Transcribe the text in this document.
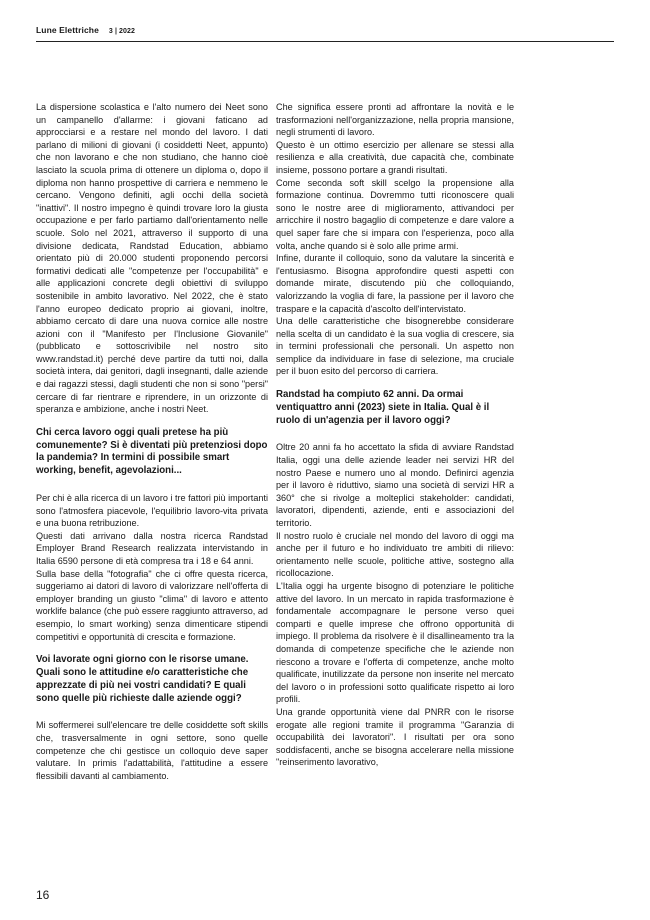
Lune Elettriche 3 | 2022

La dispersione scolastica e l'alto numero dei Neet sono un campanello d'allarme: i giovani faticano ad approcciarsi e a restare nel mondo del lavoro. I dati parlano di milioni di giovani (i cosiddetti Neet, appunto) che non lavorano e che non studiano, che hanno cioè lasciato la scuola prima di ottenere un diploma o, dopo il diploma non hanno prospettive di carriera e nemmeno le cercano. Vengono definiti, agli occhi della società "inattivi". Il nostro impegno è quindi trovare loro la giusta occupazione e per farlo partiamo dall'orientamento nelle scuole. Solo nel 2021, attraverso il supporto di una divisione dedicata, Randstad Education, abbiamo orientato più di 20.000 studenti proponendo percorsi formativi dedicati alle "competenze per l'occupabilità" e alle applicazioni concrete degli obiettivi di sviluppo sostenibile in ambito lavorativo. Nel 2022, che è stato l'anno europeo dedicato proprio ai giovani, inoltre, abbiamo cercato di dare una nuova cornice alle nostre azioni con il "Manifesto per l'Inclusione Giovanile" (pubblicato e sottoscrivibile nel nostro sito www.randstad.it) perché deve partire da tutti noi, dalla società intera, dai genitori, dagli insegnanti, dalle aziende e dai ragazzi stessi, dagli studenti che non si sono "persi" cercare di far rientrare e riprendere, in un orizzonte di speranza e ambizione, anche i nostri Neet.

Chi cerca lavoro oggi quali pretese ha più comunemente? Si è diventati più pretenziosi dopo la pandemia? In termini di possibile smart working, benefit, agevolazioni...

Per chi è alla ricerca di un lavoro i tre fattori più importanti sono l'atmosfera piacevole, l'equilibrio lavoro-vita privata e una buona retribuzione.

Questi dati arrivano dalla nostra ricerca Randstad Employer Brand Research realizzata intervistando in Italia 6590 persone di età compresa tra i 18 e 64 anni.

Sulla base della "fotografia" che ci offre questa ricerca, suggeriamo ai datori di lavoro di valorizzare nell'offerta di employer branding un giusto "clima" di lavoro e attento worklife balance (che può essere raggiunto attraverso, ad esempio, lo smart working) senza dimenticare stipendi competitivi e opportunità di crescita e formazione.

Voi lavorate ogni giorno con le risorse umane. Quali sono le attitudine e/o caratteristiche che apprezzate di più nei vostri candidati? E quali sono quelle più richieste dalle aziende oggi?

Mi soffermerei sull'elencare tre delle cosiddette soft skills che, trasversalmente in ogni settore, sono quelle competenze che chi gestisce un colloquio deve saper valutare. In primis l'adattabilità, l'attitudine a essere flessibili davanti al cambiamento.

Che significa essere pronti ad affrontare la novità e le trasformazioni nell'organizzazione, nella propria mansione, negli strumenti di lavoro.

Questo è un ottimo esercizio per allenare se stessi alla resilienza e alla creatività, due capacità che, combinate insieme, possono portare a grandi risultati.

Come seconda soft skill scelgo la propensione alla formazione continua. Dovremmo tutti riconoscere quali sono le nostre aree di miglioramento, attivandoci per arricchire il nostro bagaglio di competenze e dare valore a quel saper fare che si impara con l'esperienza, poco alla volta, anche quando si è solo alle prime armi.

Infine, durante il colloquio, sono da valutare la sincerità e l'entusiasmo. Bisogna approfondire questi aspetti con domande mirate, discutendo più che colloquiando, valorizzando la voglia di fare, la passione per il lavoro che traspare e la capacità d'ascolto dell'intervistato.

Una delle caratteristiche che bisognerebbe considerare nella scelta di un candidato è la sua voglia di crescere, sia in termini professionali che personali. Un aspetto non semplice da individuare in fase di selezione, ma cruciale per il buon esito del percorso di carriera.

Randstad ha compiuto 62 anni. Da ormai ventiquattro anni (2023) siete in Italia. Qual è il ruolo di un'agenzia per il lavoro oggi?

Oltre 20 anni fa ho accettato la sfida di avviare Randstad Italia, oggi una delle aziende leader nei servizi HR del nostro Paese e numero uno al mondo. Definirci agenzia per il lavoro è riduttivo, siamo una società di servizi HR a 360° che si rivolge a molteplici stakeholder: candidati, lavoratori, dipendenti, aziende, enti e associazioni del territorio.

Il nostro ruolo è cruciale nel mondo del lavoro di oggi ma anche per il futuro e ho individuato tre ambiti di rilievo: orientamento nelle scuole, politiche attive, sostegno alla ricollocazione.

L'Italia oggi ha urgente bisogno di potenziare le politiche attive del lavoro. In un mercato in rapida trasformazione è fondamentale accompagnare le persone verso quei comparti e quelle imprese che offrono opportunità di impiego. Il problema da risolvere è il disallineamento tra la domanda di competenze specifiche che le aziende non riescono a trovare e l'offerta di competenze, anche molto qualificate, inutilizzate da persone non inserite nel mercato del lavoro o in professioni sotto qualificate rispetto ai loro profili.

Una grande opportunità viene dal PNRR con le risorse erogate alle regioni tramite il programma "Garanzia di occupabilità dei lavoratori". I risultati per ora sono soddisfacenti, anche se bisogna accelerare nella missione "reinserimento lavorativo,

16
